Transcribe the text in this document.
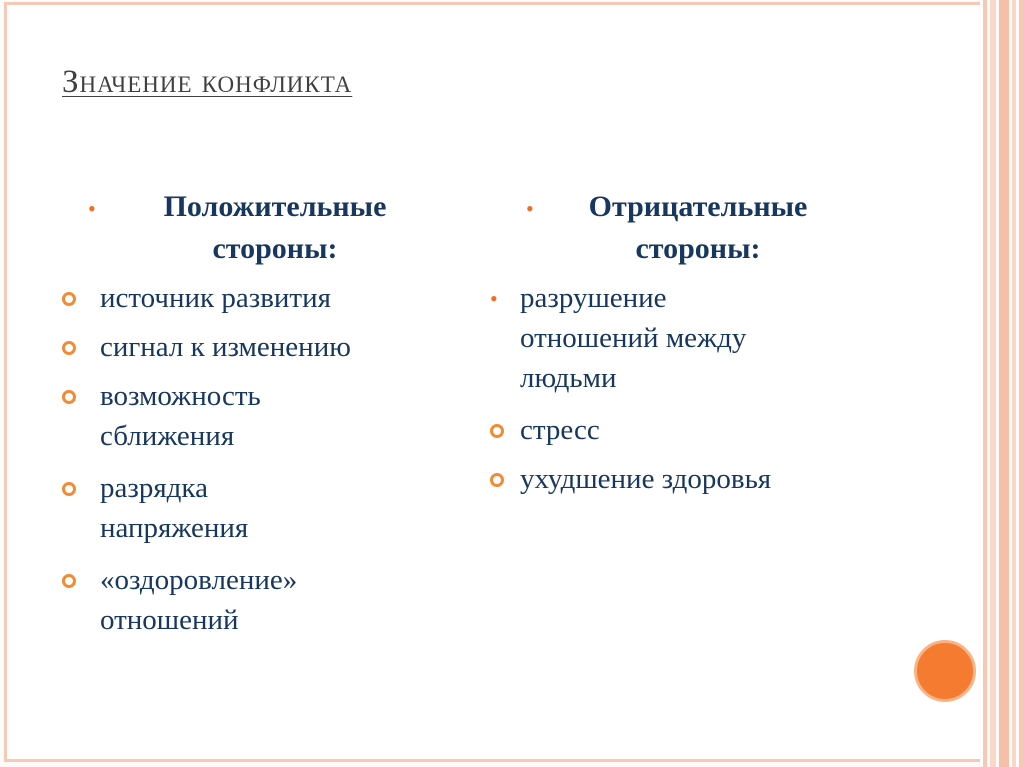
Значение конфликта
•	Положительные
стороны:
•	Отрицательные
стороны:
источник развития
сигнал к изменению
возможность
сближения
разрядка
напряжения
«оздоровление»
отношений
• разрушение
отношений между
людьми
стресс
ухудшение здоровья
